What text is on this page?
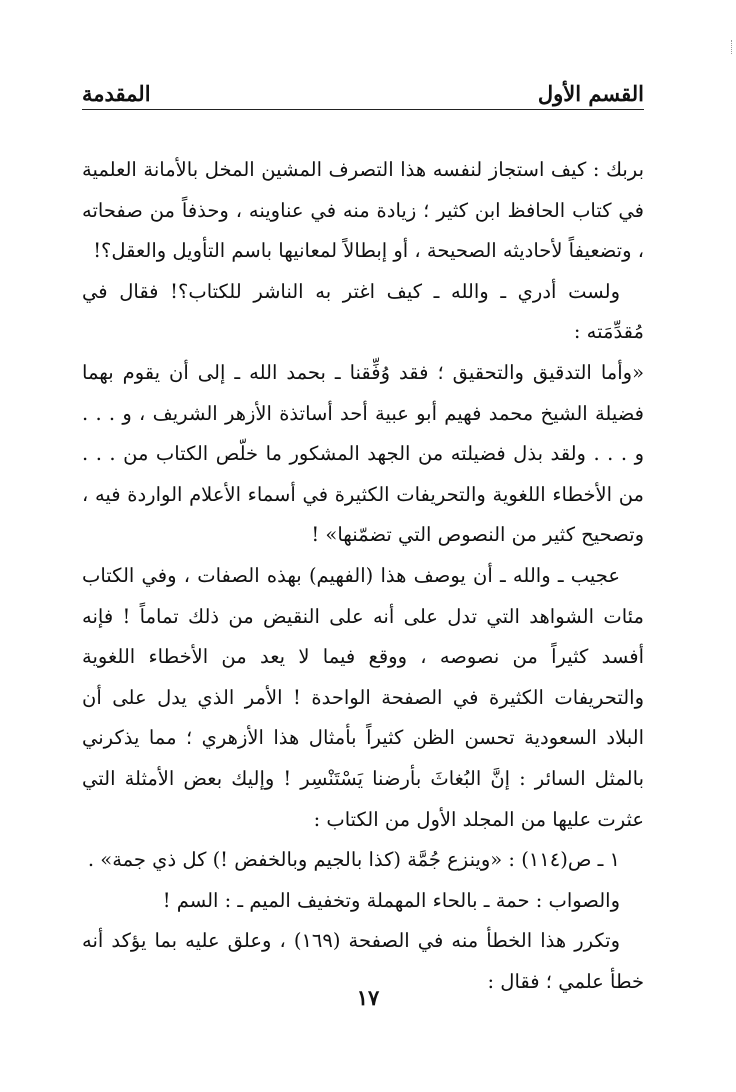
القسم الأول
المقدمة

بربك : كيف استجاز لنفسه هذا التصرف المشين المخل بالأمانة العلمية في كتاب الحافظ ابن كثير ؛ زيادة منه في عناوينه ، وحذفاً من صفحاته ، وتضعيفاً لأحاديثه الصحيحة ، أو إبطالاً لمعانيها باسم التأويل والعقل؟!

ولست أدري ـ والله ـ كيف اغتر به الناشر للكتاب؟! فقال في مُقدِّمَته :

«وأما التدقيق والتحقيق ؛ فقد وُفِّقنا ـ بحمد الله ـ إلى أن يقوم بهما فضيلة الشيخ محمد فهيم أبو عبية أحد أساتذة الأزهر الشريف ، و . . . و . . . ولقد بذل فضيلته من الجهد المشكور ما خلّص الكتاب من . . . من الأخطاء اللغوية والتحريفات الكثيرة في أسماء الأعلام الواردة فيه ، وتصحيح كثير من النصوص التي تضمّنها» !

عجيب ـ والله ـ أن يوصف هذا (الفهيم) بهذه الصفات ، وفي الكتاب مئات الشواهد التي تدل على أنه على النقيض من ذلك تماماً ! فإنه أفسد كثيراً من نصوصه ، ووقع فيما لا يعد من الأخطاء اللغوية والتحريفات الكثيرة في الصفحة الواحدة ! الأمر الذي يدل على أن البلاد السعودية تحسن الظن كثيراً بأمثال هذا الأزهري ؛ مما يذكرني بالمثل السائر : إنَّ البُغاثَ بأرضنا يَسْتَنْسِر ! وإليك بعض الأمثلة التي عثرت عليها من المجلد الأول من الكتاب :

١ ـ ص(١١٤) : «وينزع جُمَّة (كذا بالجيم وبالخفض !) كل ذي جمة» .

والصواب : حمة ـ بالحاء المهملة وتخفيف الميم ـ : السم !

وتكرر هذا الخطأ منه في الصفحة (١٦٩) ، وعلق عليه بما يؤكد أنه خطأ علمي ؛ فقال :

١٧
